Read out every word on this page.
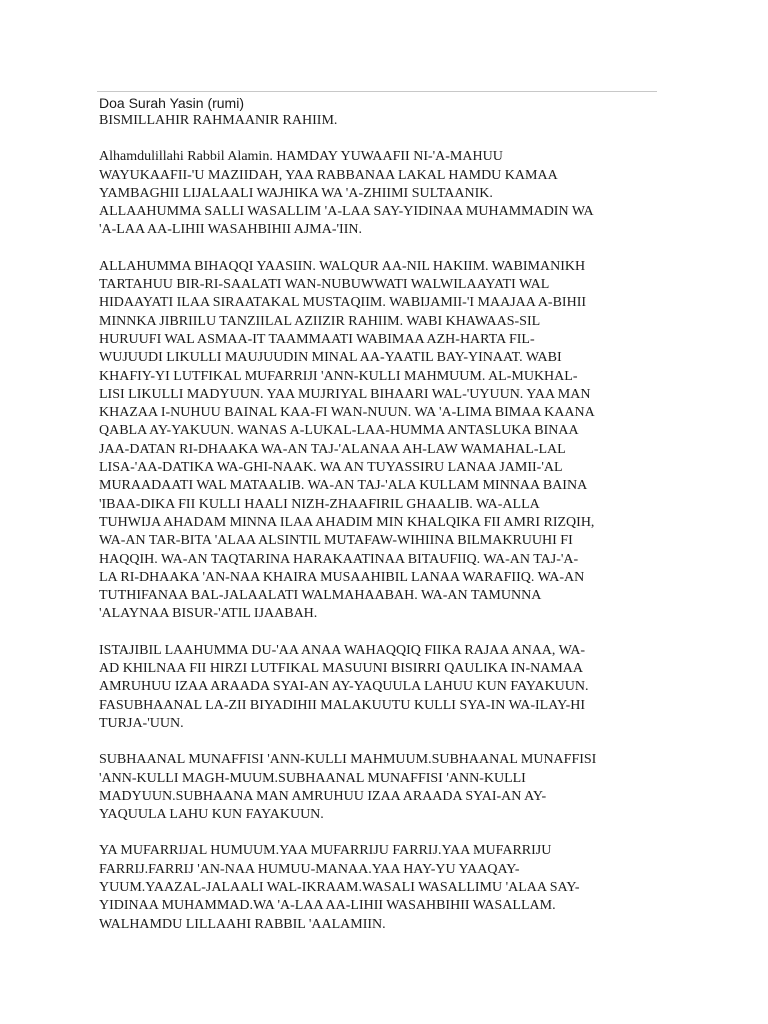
Doa Surah Yasin (rumi)

BISMILLAHIR RAHMAANIR RAHIIM.

Alhamdulillahi Rabbil Alamin. HAMDAY YUWAAFII NI-'A-MAHUU
WAYUKAAFII-'U MAZIIDAH, YAA RABBANAA LAKAL HAMDU KAMAA
YAMBAGHII LIJALAALI WAJHIKA WA 'A-ZHIIMI SULTAANIK.
ALLAAHUMMA SALLI WASALLIM 'A-LAA SAY-YIDINAA MUHAMMADIN WA
'A-LAA AA-LIHII WASAHBIHII AJMA-'IIN.

ALLAHUMMA BIHAQQI YAASIIN. WALQUR AA-NIL HAKIIM. WABIMANIKH
TARTAHUU BIR-RI-SAALATI WAN-NUBUWWATI WALWILAAYATI WAL
HIDAAYATI ILAA SIRAATAKAL MUSTAQIIM. WABIJAMII-'I MAAJAA A-BIHII
MINNKA JIBRIILU TANZIILAL AZIIZIR RAHIIM. WABI KHAWAAS-SIL
HURUUFI WAL ASMAA-IT TAAMMAATI WABIMAA AZH-HARTA FIL-
WUJUUDI LIKULLI MAUJUUDIN MINAL AA-YAATIL BAY-YINAAT. WABI
KHAFIY-YI LUTFIKAL MUFARRIJI 'ANN-KULLI MAHMUUM. AL-MUKHAL-
LISI LIKULLI MADYUUN. YAA MUJRIYAL BIHAARI WAL-'UYUUN. YAA MAN
KHAZAA I-NUHUU BAINAL KAA-FI WAN-NUUN. WA 'A-LIMA BIMAA KAANA
QABLA AY-YAKUUN. WANAS A-LUKAL-LAA-HUMMA ANTASLUKA BINAA
JAA-DATAN RI-DHAAKA WA-AN TAJ-'ALANAA AH-LAW WAMAHAL-LAL
LISA-'AA-DATIKA WA-GHI-NAAK. WA AN TUYASSIRU LANAA JAMII-'AL
MURAADAATI WAL MATAALIB. WA-AN TAJ-'ALA KULLAM MINNAA BAINA
'IBAA-DIKA FII KULLI HAALI NIZH-ZHAAFIRIL GHAALIB. WA-ALLA
TUHWIJA AHADAM MINNA ILAA AHADIM MIN KHALQIKA FII AMRI RIZQIH,
WA-AN TAR-BITA 'ALAA ALSINTIL MUTAFAW-WIHIINA BILMAKRUUHI FI
HAQQIH. WA-AN TAQTARINA HARAKAATINAA BITAUFIIQ. WA-AN TAJ-'A-
LA RI-DHAAKA 'AN-NAA KHAIRA MUSAAHIBIL LANAA WARAFIIQ. WA-AN
TUTHIFANAA BAL-JALAALATI WALMAHAABAH. WA-AN TAMUNNA
'ALAYNAA BISUR-'ATIL IJAABAH.

ISTAJIBIL LAAHUMMA DU-'AA ANAA WAHAQQIQ FIIKA RAJAA ANAA, WA-
AD KHILNAA FII HIRZI LUTFIKAL MASUUNI BISIRRI QAULIKA IN-NAMAA
AMRUHUU IZAA ARAADA SYAI-AN AY-YAQUULA LAHUU KUN FAYAKUUN.
FASUBHAANAL LA-ZII BIYADIHII MALAKUUTU KULLI SYA-IN WA-ILAY-HI
TURJA-'UUN.

SUBHAANAL MUNAFFISI 'ANN-KULLI MAHMUUM.SUBHAANAL MUNAFFISI
'ANN-KULLI MAGH-MUUM.SUBHAANAL MUNAFFISI 'ANN-KULLI
MADYUUN.SUBHAANA MAN AMRUHUU IZAA ARAADA SYAI-AN AY-
YAQUULA LAHU KUN FAYAKUUN.

YA MUFARRIJAL HUMUUM.YAA MUFARRIJU FARRIJ.YAA MUFARRIJU
FARRIJ.FARRIJ 'AN-NAA HUMUU-MANAA.YAA HAY-YU YAAQAY-
YUUM.YAAZAL-JALAALI WAL-IKRAAM.WASALI WASALLIMU 'ALAA SAY-
YIDINAA MUHAMMAD.WA 'A-LAA AA-LIHII WASAHBIHII WASALLAM.
WALHAMDU LILLAAHI RABBIL 'AALAMIIN.
